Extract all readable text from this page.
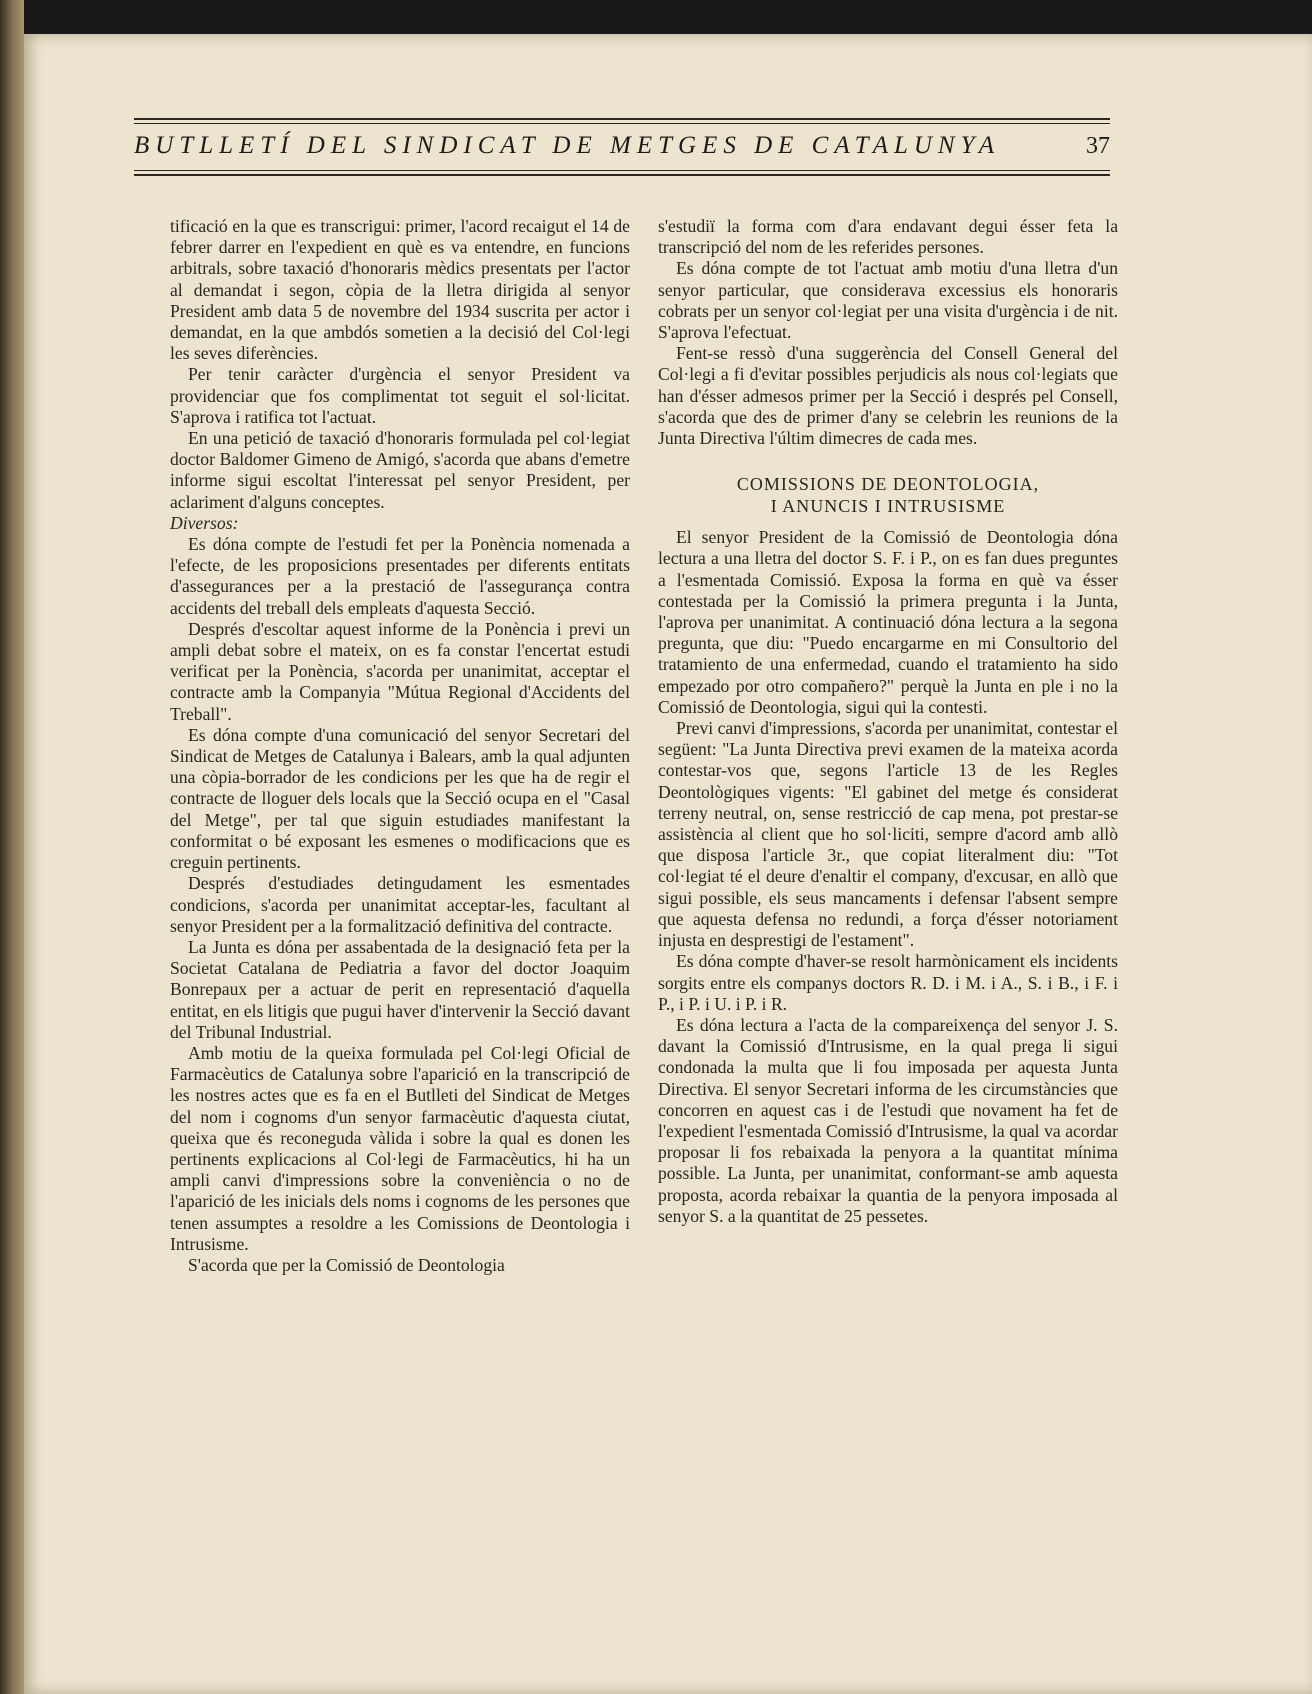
BUTLLETÍ DEL SINDICAT DE METGES DE CATALUNYA	37

tificació en la que es transcrigui: primer, l'acord recaigut el 14 de febrer darrer en l'expedient en què es va entendre, en funcions arbitrals, sobre taxació d'honoraris mèdics presentats per l'actor al demandat i segon, còpia de la lletra dirigida al senyor President amb data 5 de novembre del 1934 suscrita per actor i demandat, en la que ambdós sometien a la decisió del Col·legi les seves diferències.

Per tenir caràcter d'urgència el senyor President va providenciar que fos complimentat tot seguit el sol·licitat. S'aprova i ratifica tot l'actuat.

En una petició de taxació d'honoraris formulada pel col·legiat doctor Baldomer Gimeno de Amigó, s'acorda que abans d'emetre informe sigui escoltat l'interessat pel senyor President, per aclariment d'alguns conceptes.

Diversos:

Es dóna compte de l'estudi fet per la Ponència nomenada a l'efecte, de les proposicions presentades per diferents entitats d'assegurances per a la prestació de l'assegurança contra accidents del treball dels empleats d'aquesta Secció.

Després d'escoltar aquest informe de la Ponència i previ un ampli debat sobre el mateix, on es fa constar l'encertat estudi verificat per la Ponència, s'acorda per unanimitat, acceptar el contracte amb la Companyia "Mútua Regional d'Accidents del Treball".

Es dóna compte d'una comunicació del senyor Secretari del Sindicat de Metges de Catalunya i Balears, amb la qual adjunten una còpia-borrador de les condicions per les que ha de regir el contracte de lloguer dels locals que la Secció ocupa en el "Casal del Metge", per tal que siguin estudiades manifestant la conformitat o bé exposant les esmenes o modificacions que es creguin pertinents.

Després d'estudiades detingudament les esmentades condicions, s'acorda per unanimitat acceptar-les, facultant al senyor President per a la formalització definitiva del contracte.

La Junta es dóna per assabentada de la designació feta per la Societat Catalana de Pediatria a favor del doctor Joaquim Bonrepaux per a actuar de perit en representació d'aquella entitat, en els litigis que pugui haver d'intervenir la Secció davant del Tribunal Industrial.

Amb motiu de la queixa formulada pel Col·legi Oficial de Farmacèutics de Catalunya sobre l'aparició en la transcripció de les nostres actes que es fa en el Butlleti del Sindicat de Metges del nom i cognoms d'un senyor farmacèutic d'aquesta ciutat, queixa que és reconeguda vàlida i sobre la qual es donen les pertinents explicacions al Col·legi de Farmacèutics, hi ha un ampli canvi d'impressions sobre la conveniència o no de l'aparició de les inicials dels noms i cognoms de les persones que tenen assumptes a resoldre a les Comissions de Deontologia i Intrusisme.

S'acorda que per la Comissió de Deontologia

s'estudiï la forma com d'ara endavant degui ésser feta la transcripció del nom de les referides persones.

Es dóna compte de tot l'actuat amb motiu d'una lletra d'un senyor particular, que considerava excessius els honoraris cobrats per un senyor col·legiat per una visita d'urgència i de nit. S'aprova l'efectuat.

Fent-se ressò d'una suggerència del Consell General del Col·legi a fi d'evitar possibles perjudicis als nous col·legiats que han d'ésser admesos primer per la Secció i després pel Consell, s'acorda que des de primer d'any se celebrin les reunions de la Junta Directiva l'últim dimecres de cada mes.

COMISSIONS DE DEONTOLOGIA,
I ANUNCIS I INTRUSISME

El senyor President de la Comissió de Deontologia dóna lectura a una lletra del doctor S. F. i P., on es fan dues preguntes a l'esmentada Comissió. Exposa la forma en què va ésser contestada per la Comissió la primera pregunta i la Junta, l'aprova per unanimitat. A continuació dóna lectura a la segona pregunta, que diu: "Puedo encargarme en mi Consultorio del tratamiento de una enfermedad, cuando el tratamiento ha sido empezado por otro compañero?" perquè la Junta en ple i no la Comissió de Deontologia, sigui qui la contesti.

Previ canvi d'impressions, s'acorda per unanimitat, contestar el següent: "La Junta Directiva previ examen de la mateixa acorda contestar-vos que, segons l'article 13 de les Regles Deontològiques vigents: "El gabinet del metge és considerat terreny neutral, on, sense restricció de cap mena, pot prestar-se assistència al client que ho sol·liciti, sempre d'acord amb allò que disposa l'article 3r., que copiat literalment diu: "Tot col·legiat té el deure d'enaltir el company, d'excusar, en allò que sigui possible, els seus mancaments i defensar l'absent sempre que aquesta defensa no redundi, a força d'ésser notoriament injusta en desprestigi de l'estament".

Es dóna compte d'haver-se resolt harmònicament els incidents sorgits entre els companys doctors R. D. i M. i A., S. i B., i F. i P., i P. i U. i P. i R.

Es dóna lectura a l'acta de la compareixença del senyor J. S. davant la Comissió d'Intrusisme, en la qual prega li sigui condonada la multa que li fou imposada per aquesta Junta Directiva. El senyor Secretari informa de les circumstàncies que concorren en aquest cas i de l'estudi que novament ha fet de l'expedient l'esmentada Comissió d'Intrusisme, la qual va acordar proposar li fos rebaixada la penyora a la quantitat mínima possible. La Junta, per unanimitat, conformant-se amb aquesta proposta, acorda rebaixar la quantia de la penyora imposada al senyor S. a la quantitat de 25 pessetes.
